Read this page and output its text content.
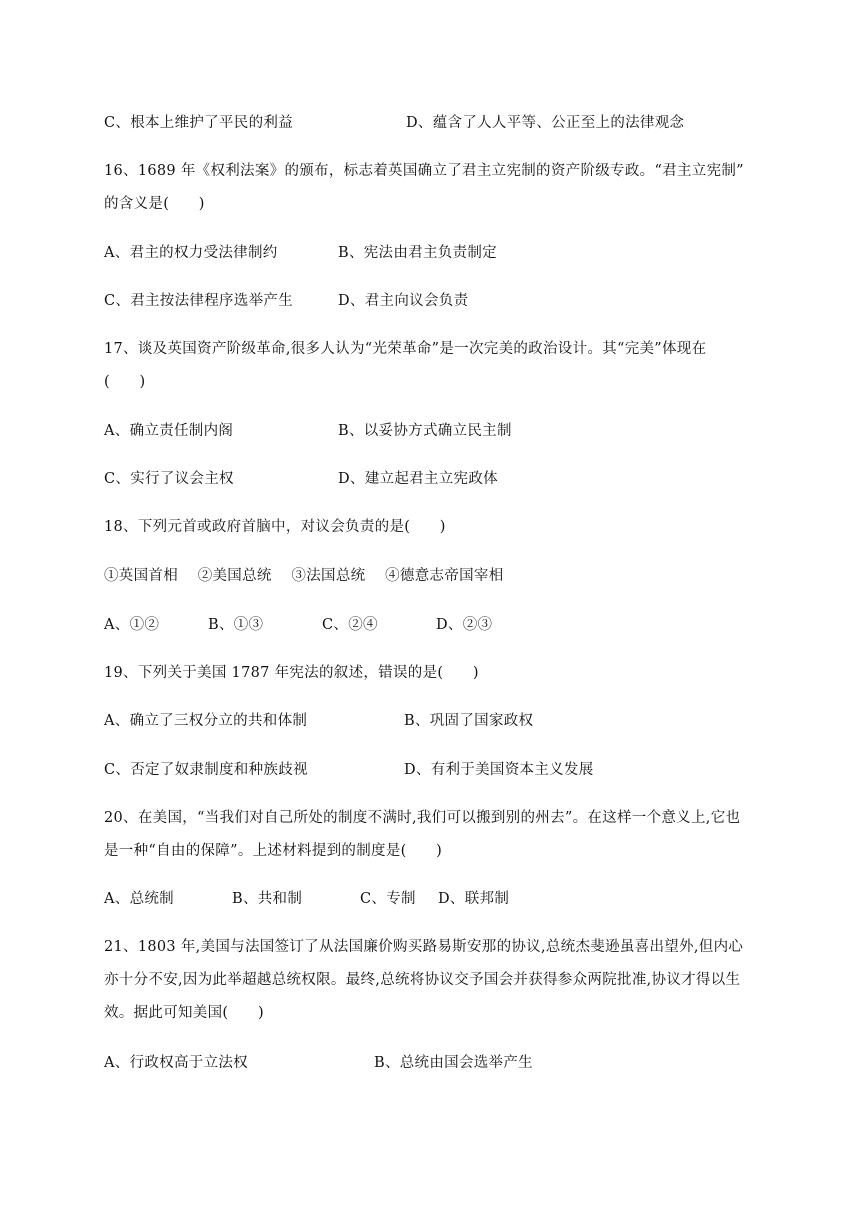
C、根本上维护了平民的利益	D、蕴含了人人平等、公正至上的法律观念
16、1689 年《权利法案》的颁布，标志着英国确立了君主立宪制的资产阶级专政。“君主立宪制”
的含义是(　　)
A、君主的权力受法律制约	B、宪法由君主负责制定
C、君主按法律程序选举产生	D、君主向议会负责
17、谈及英国资产阶级革命,很多人认为“光荣革命”是一次完美的政治设计。其“完美”体现在
(　　)
A、确立责任制内阁	B、以妥协方式确立民主制
C、实行了议会主权	D、建立起君主立宪政体
18、下列元首或政府首脑中，对议会负责的是(　　)
①英国首相　 ②美国总统　 ③法国总统　 ④德意志帝国宰相
A、①②	B、①③	C、②④	D、②③
19、下列关于美国 1787 年宪法的叙述，错误的是(　　)
A、确立了三权分立的共和体制	B、巩固了国家政权
C、否定了奴隶制度和种族歧视	D、有利于美国资本主义发展
20、在美国，“当我们对自己所处的制度不满时,我们可以搬到别的州去”。在这样一个意义上,它也
是一种“自由的保障”。上述材料提到的制度是(　　)
A、总统制	B、共和制	C、专制 D、联邦制
21、1803 年,美国与法国签订了从法国廉价购买路易斯安那的协议,总统杰斐逊虽喜出望外,但内心
亦十分不安,因为此举超越总统权限。最终,总统将协议交予国会并获得参众两院批准,协议才得以生
效。据此可知美国(　　)
A、行政权高于立法权	B、总统由国会选举产生
